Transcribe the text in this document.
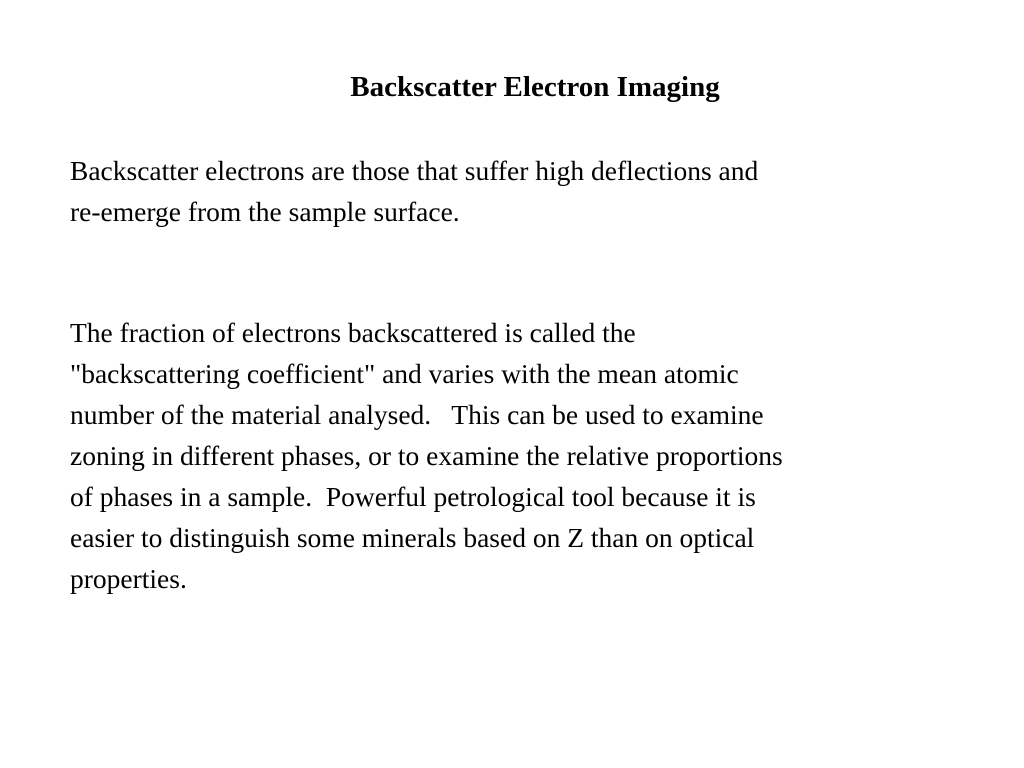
Backscatter Electron Imaging

Backscatter electrons are those that suffer high deflections and
re-emerge from the sample surface.

The fraction of electrons backscattered is called the
"backscattering coefficient" and varies with the mean atomic
number of the material analysed.   This can be used to examine
zoning in different phases, or to examine the relative proportions
of phases in a sample.  Powerful petrological tool because it is
easier to distinguish some minerals based on Z than on optical
properties.
